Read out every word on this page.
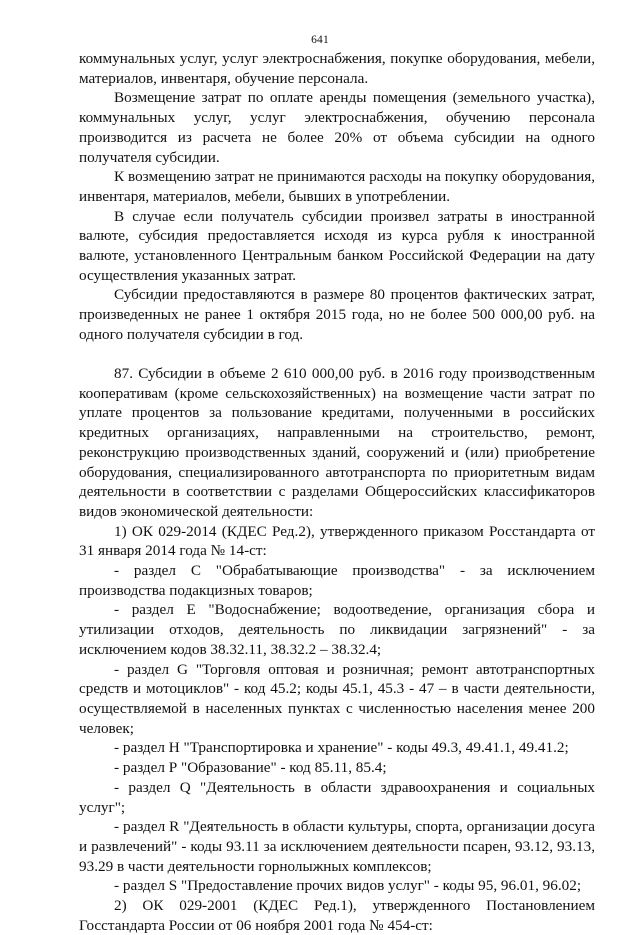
641

коммунальных услуг, услуг электроснабжения, покупке оборудования, мебели, материалов, инвентаря, обучение персонала.

Возмещение затрат по оплате аренды помещения (земельного участка), коммунальных услуг, услуг электроснабжения, обучению персонала производится из расчета не более 20% от объема субсидии на одного получателя субсидии.

К возмещению затрат не принимаются расходы на покупку оборудования, инвентаря, материалов, мебели, бывших в употреблении.

В случае если получатель субсидии произвел затраты в иностранной валюте, субсидия предоставляется исходя из курса рубля к иностранной валюте, установленного Центральным банком Российской Федерации на дату осуществления указанных затрат.

Субсидии предоставляются в размере 80 процентов фактических затрат, произведенных не ранее 1 октября 2015 года, но не более 500 000,00 руб. на одного получателя субсидии в год.

87. Субсидии в объеме 2 610 000,00 руб. в 2016 году производственным кооперативам (кроме сельскохозяйственных) на возмещение части затрат по уплате процентов за пользование кредитами, полученными в российских кредитных организациях, направленными на строительство, ремонт, реконструкцию производственных зданий, сооружений и (или) приобретение оборудования, специализированного автотранспорта по приоритетным видам деятельности в соответствии с разделами Общероссийских классификаторов видов экономической деятельности:

1) ОК 029-2014 (КДЕС Ред.2), утвержденного приказом Росстандарта от 31 января 2014 года № 14-ст:

- раздел С "Обрабатывающие производства" - за исключением производства подакцизных товаров;

- раздел Е "Водоснабжение; водоотведение, организация сбора и утилизации отходов, деятельность по ликвидации загрязнений" - за исключением кодов 38.32.11, 38.32.2 – 38.32.4;

- раздел G "Торговля оптовая и розничная; ремонт автотранспортных средств и мотоциклов" - код 45.2; коды 45.1, 45.3 - 47 – в части деятельности, осуществляемой в населенных пунктах с численностью населения менее 200 человек;

- раздел Н "Транспортировка и хранение" - коды 49.3, 49.41.1, 49.41.2;

- раздел Р "Образование" - код 85.11, 85.4;

- раздел Q "Деятельность в области здравоохранения и социальных услуг";

- раздел R "Деятельность в области культуры, спорта, организации досуга и развлечений" - коды 93.11 за исключением деятельности псарен, 93.12, 93.13, 93.29 в части деятельности горнолыжных комплексов;

- раздел S "Предоставление прочих видов услуг" - коды 95, 96.01, 96.02;

2) ОК 029-2001 (КДЕС Ред.1), утвержденного Постановлением Госстандарта России от 06 ноября 2001 года № 454-ст:
